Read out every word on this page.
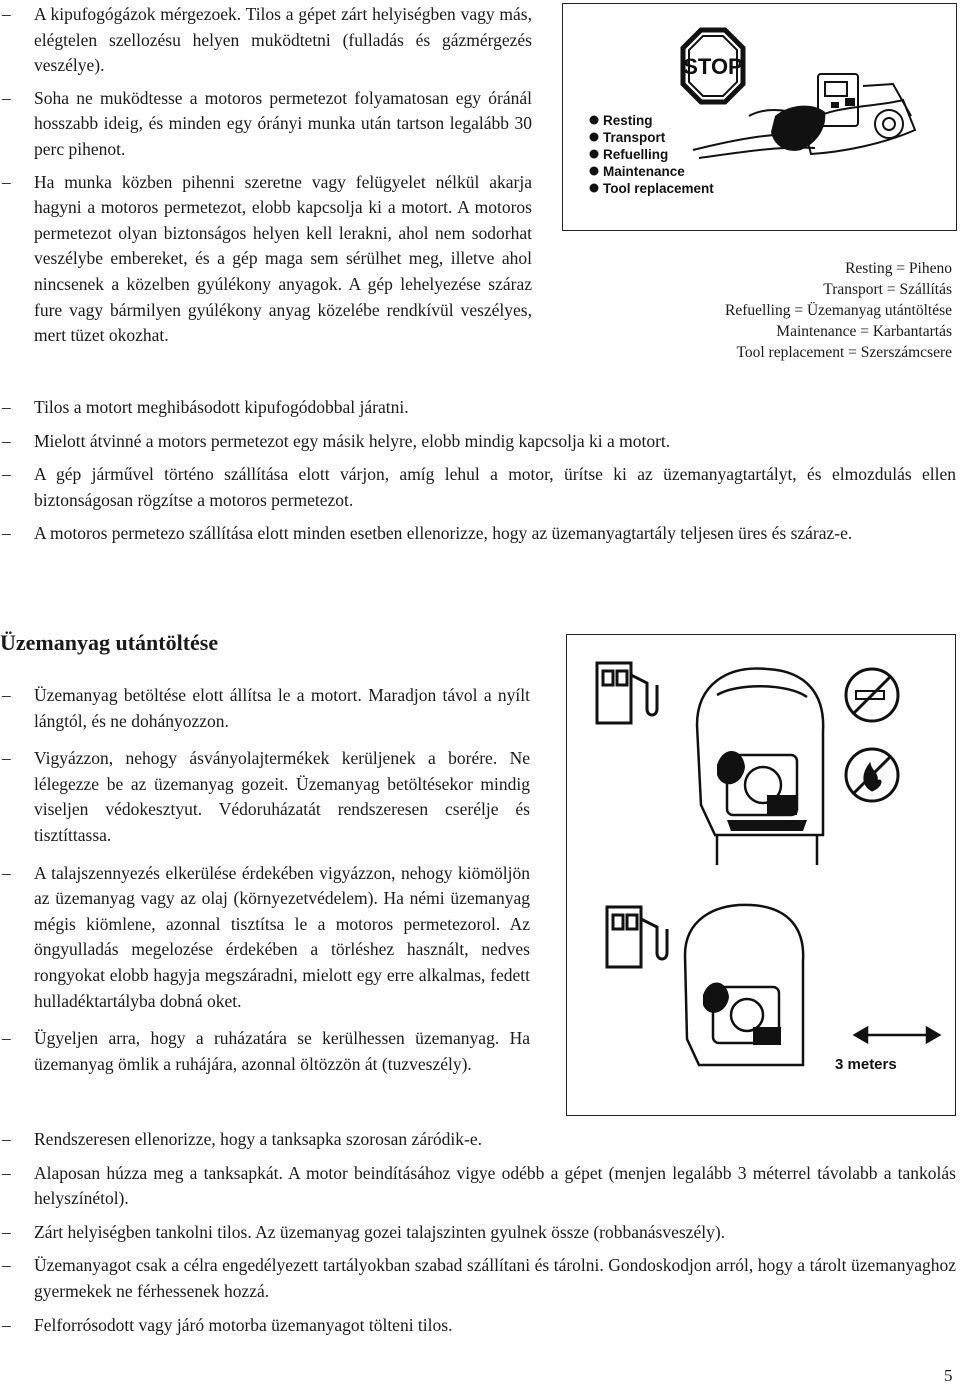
– A kipufogógázok mérgezoek. Tilos a gépet zárt helyiségben vagy más, elégtelen szellozésu helyen muködtetni (fulladás és gázmérgezés veszélye).
– Soha ne muködtesse a motoros permetezot folyamatosan egy óránál hosszabb ideig, és minden egy órányi munka után tartson legalább 30 perc pihenot.
– Ha munka közben pihenni szeretne vagy felügyelet nélkül akarja hagyni a motoros permetezot, elobb kapcsolja ki a motort. A motoros permetezot olyan biztonságos helyen kell lerakni, ahol nem sodorhat veszélybe embereket, és a gép maga sem sérülhet meg, illetve ahol nincsenek a közelben gyúlékony anyagok. A gép lehelyezése száraz fure vagy bármilyen gyúlékony anyag közelébe rendkívül veszélyes, mert tüzet okozhat.
STOP
Resting
Transport
Refuelling
Maintenance
Tool replacement
Resting = Piheno
Transport = Szállítás
Refuelling = Üzemanyag utántöltése
Maintenance = Karbantartás
Tool replacement = Szerszámcsere
– Tilos a motort meghibásodott kipufogódobbal járatni.
– Mielott átvinné a motors permetezot egy másik helyre, elobb mindig kapcsolja ki a motort.
– A gép járművel történo szállítása elott várjon, amíg lehul a motor, ürítse ki az üzemanyagtartályt, és elmozdulás ellen biztonságosan rögzítse a motoros permetezot.
– A motoros permetezo szállítása elott minden esetben ellenorizze, hogy az üzemanyagtartály teljesen üres és száraz-e.
Üzemanyag utántöltése
– Üzemanyag betöltése elott állítsa le a motort. Maradjon távol a nyílt lángtól, és ne dohányozzon.
– Vigyázzon, nehogy ásványolajtermékek kerüljenek a borére. Ne lélegezze be az üzemanyag gozeit. Üzemanyag betöltésekor mindig viseljen védokesztyut. Védoruházatát rendszeresen cserélje és tisztíttassa.
– A talajszennyezés elkerülése érdekében vigyázzon, nehogy kiömöljön az üzemanyag vagy az olaj (környezetvédelem). Ha némi üzemanyag mégis kiömlene, azonnal tisztítsa le a motoros permetezorol. Az öngyulladás megelozése érdekében a törléshez használt, nedves rongyokat elobb hagyja megszáradni, mielott egy erre alkalmas, fedett hulladéktartályba dobná oket.
– Ügyeljen arra, hogy a ruházatára se kerülhessen üzemanyag. Ha üzemanyag ömlik a ruhájára, azonnal öltözzön át (tuzveszély).	3 meters
– Rendszeresen ellenorizze, hogy a tanksapka szorosan záródik-e.
– Alaposan húzza meg a tanksapkát. A motor beindításához vigye odébb a gépet (menjen legalább 3 méterrel távolabb a tankolás helyszínétol).
– Zárt helyiségben tankolni tilos. Az üzemanyag gozei talajszinten gyulnek össze (robbanásveszély).
– Üzemanyagot csak a célra engedélyezett tartályokban szabad szállítani és tárolni. Gondoskodjon arról, hogy a tárolt üzemanyaghoz gyermekek ne férhessenek hozzá.
– Felforrósodott vagy járó motorba üzemanyagot tölteni tilos.
5
